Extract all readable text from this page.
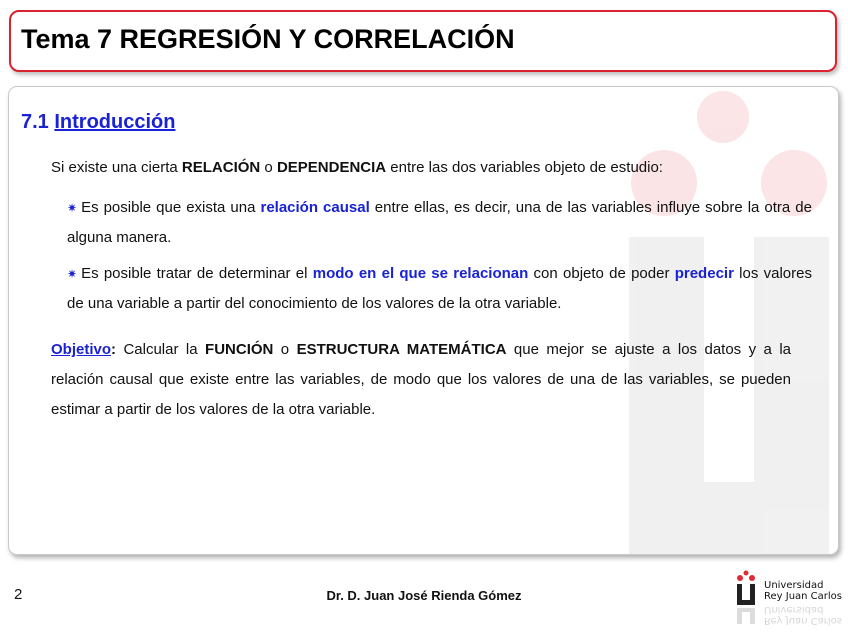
Tema 7 REGRESIÓN Y CORRELACIÓN
7.1 Introducción
Si existe una cierta RELACIÓN o DEPENDENCIA entre las dos variables objeto de estudio:
✷ Es posible que exista una relación causal entre ellas, es decir, una de las variables influye sobre la otra de alguna manera.
✷ Es posible tratar de determinar el modo en el que se relacionan con objeto de poder predecir los valores de una variable a partir del conocimiento de los valores de la otra variable.
Objetivo: Calcular la FUNCIÓN o ESTRUCTURA MATEMÁTICA que mejor se ajuste a los datos y a la relación causal que existe entre las variables, de modo que los valores de una de las variables, se pueden estimar a partir de los valores de la otra variable.
2	Dr. D. Juan José Rienda Gómez
Universidad
Rey Juan Carlos
Rey Juan Carlos
Universidad
